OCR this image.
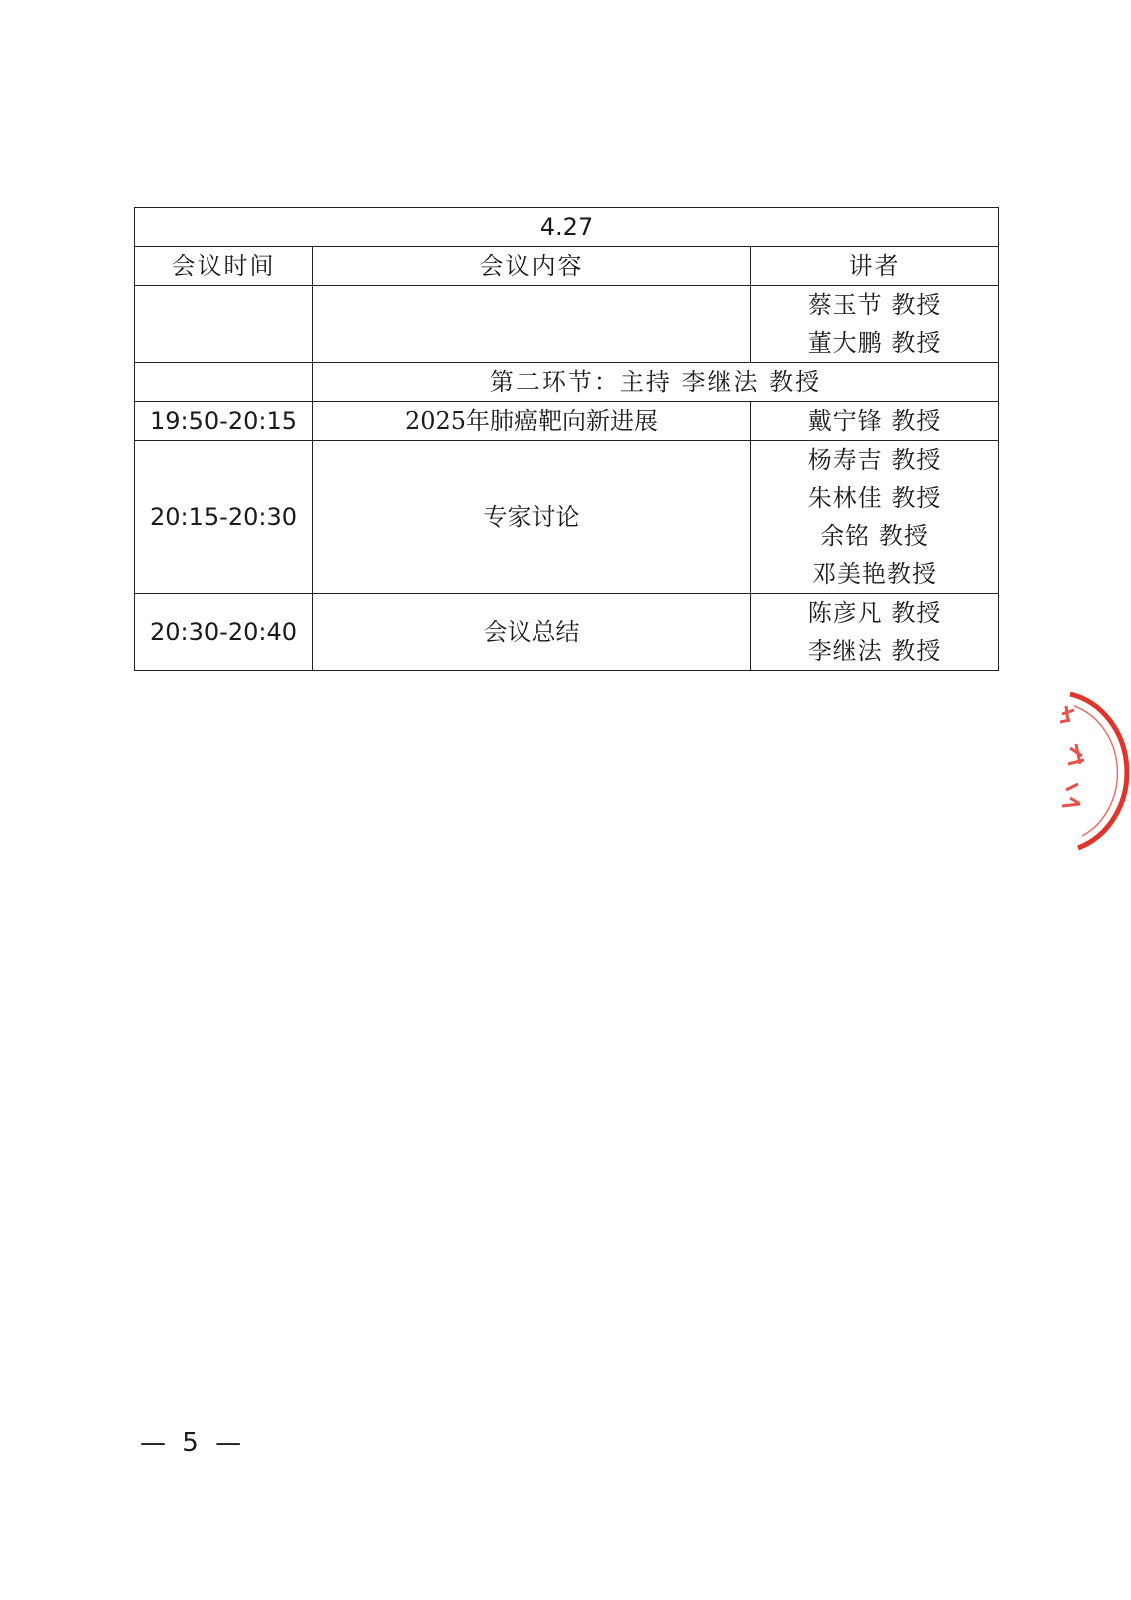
4.27		
会议时间	会议内容	讲者

		蔡玉节 教授
董大鹏 教授

	第二环节：主持 李继法 教授	
19:50-20:15	2025年肺癌靶向新进展	戴宁锋 教授

20:15-20:30	专家讨论	杨寿吉 教授
朱林佳 教授
余铭 教授
邓美艳教授

20:30-20:40	会议总结	陈彦凡 教授
李继法 教授
— 5 —
